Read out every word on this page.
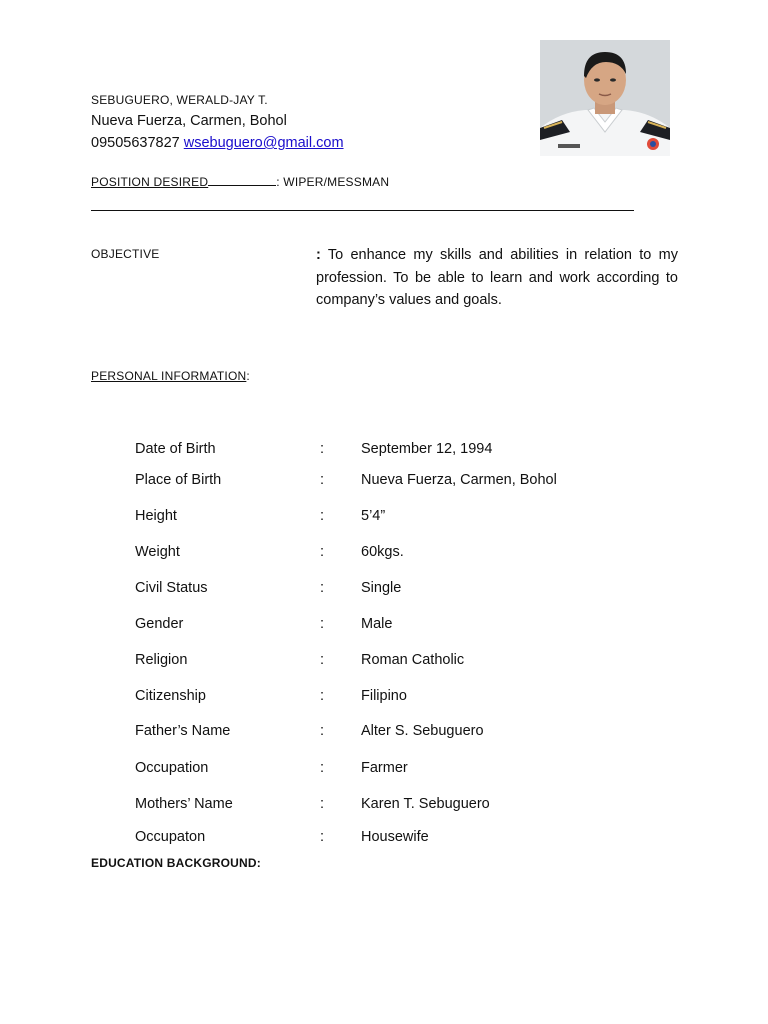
SEBUGUERO, WERALD-JAY T.
Nueva Fuerza, Carmen, Bohol
09505637827 wsebuguero@gmail.com
POSITION DESIRED	: WIPER/MESSMAN
OBJECTIVE	: To enhance my skills and abilities in relation to my profession. To be able to learn and work according to company’s values and goals.
PERSONAL INFORMATION:
Date of Birth	:	September 12, 1994
Place of Birth	:	Nueva Fuerza, Carmen, Bohol
Height	:	5’4”
Weight	:	60kgs.
Civil Status	:	Single
Gender	:	Male
Religion	:	Roman Catholic
Citizenship	:	Filipino
Father’s Name	:	Alter S. Sebuguero
Occupation	:	Farmer
Mothers’ Name	:	Karen T. Sebuguero
Occupaton	:	Housewife
EDUCATION BACKGROUND:
